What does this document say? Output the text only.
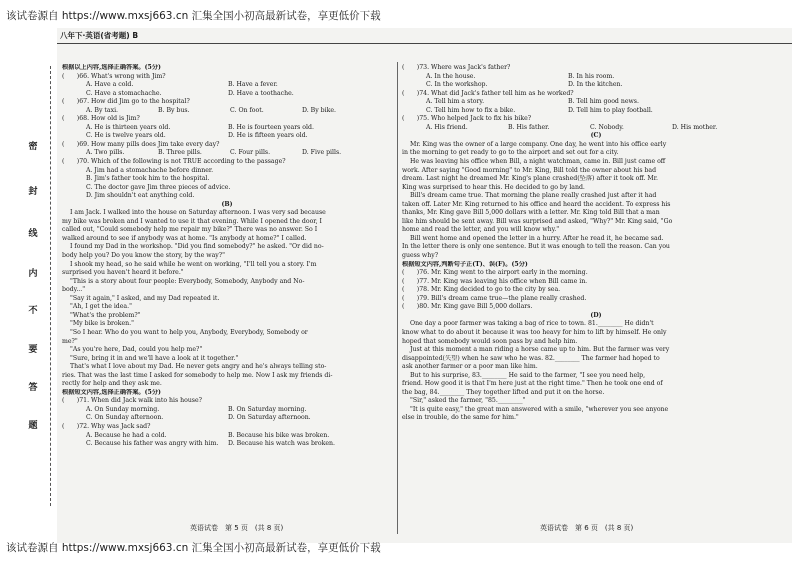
该试卷源自 https://www.mxsj663.cn 汇集全国小初高最新试卷，享更低价下载
八年下·英语(省考题) B
密
封
线
内
不
要
答
题
根据以上内容,选择正确答案。(5分)
(　　)66. What's wrong with Jim?
A. Have a cold.	B. Have a fever.
C. Have a stomachache.	D. Have a toothache.
(　　)67. How did Jim go to the hospital?
A. By taxi.	B. By bus.	C. On foot.	D. By bike.
(　　)68. How old is Jim?
A. He is thirteen years old.	B. He is fourteen years old.
C. He is twelve years old.	D. He is fifteen years old.
(　　)69. How many pills does Jim take every day?
A. Two pills.	B. Three pills.	C. Four pills.	D. Five pills.
(　　)70. Which of the following is not TRUE according to the passage?
A. Jim had a stomachache before dinner.
B. Jim's father took him to the hospital.
C. The doctor gave Jim three pieces of advice.
D. Jim shouldn't eat anything cold.
(B)
I am Jack. I walked into the house on Saturday afternoon. I was very sad because
my bike was broken and I wanted to use it that evening. While I opened the door, I
called out, "Could somebody help me repair my bike?" There was no answer. So I
walked around to see if anybody was at home. "Is anybody at home?" I called.
I found my Dad in the workshop. "Did you find somebody?" he asked. "Or did no-
body help you? Do you know the story, by the way?"
I shook my head, so he said while he went on working, "I'll tell you a story. I'm
surprised you haven't heard it before."
"This is a story about four people: Everybody, Somebody, Anybody and No-
body..."
"Say it again," I asked, and my Dad repeated it.
"Ah, I get the idea."
"What's the problem?"
"My bike is broken."
"So I hear. Who do you want to help you, Anybody, Everybody, Somebody or
me?"
"As you're here, Dad, could you help me?"
"Sure, bring it in and we'll have a look at it together."
That's what I love about my Dad. He never gets angry and he's always telling sto-
ries. That was the last time I asked for somebody to help me. Now I ask my friends di-
rectly for help and they ask me.
根据短文内容,选择正确答案。(5分)
(　　)71. When did Jack walk into his house?
A. On Sunday morning.	B. On Saturday morning.
C. On Sunday afternoon.	D. On Saturday afternoon.
(　　)72. Why was Jack sad?
A. Because he had a cold.	B. Because his bike was broken.
C. Because his father was angry with him.	D. Because his watch was broken.
英语试卷　第 5 页　(共 8 页)
(　　)73. Where was Jack's father?
A. In the house.	B. In his room.
C. In the workshop.	D. In the kitchen.
(　　)74. What did Jack's father tell him as he worked?
A. Tell him a story.	B. Tell him good news.
C. Tell him how to fix a bike.	D. Tell him to play football.
(　　)75. Who helped Jack to fix his bike?
A. His friend.	B. His father.	C. Nobody.	D. His mother.
(C)
Mr. King was the owner of a large company. One day, he went into his office early
in the morning to get ready to go to the airport and set out for a city.
He was leaving his office when Bill, a night watchman, came in. Bill just came off
work. After saying "Good morning" to Mr. King, Bill told the owner about his bad
dream. Last night he dreamed Mr. King's plane crashed(坠落) after it took off. Mr.
King was surprised to hear this. He decided to go by land.
Bill's dream came true. That morning the plane really crashed just after it had
taken off. Later Mr. King returned to his office and heard the accident. To express his
thanks, Mr. King gave Bill 5,000 dollars with a letter. Mr. King told Bill that a man
like him should be sent away. Bill was surprised and asked, "Why?" Mr. King said, "Go
home and read the letter, and you will know why."
Bill went home and opened the letter in a hurry. After he read it, he became sad.
In the letter there is only one sentence. But it was enough to tell the reason. Can you
guess why?
根据短文内容,判断句子正(T)、误(F)。(5分)
(　　)76. Mr. King went to the airport early in the morning.
(　　)77. Mr. King was leaving his office when Bill came in.
(　　)78. Mr. King decided to go to the city by sea.
(　　)79. Bill's dream came true—the plane really crashed.
(　　)80. Mr. King gave Bill 5,000 dollars.
(D)
One day a poor farmer was taking a bag of rice to town. 81.________ He didn't
know what to do about it because it was too heavy for him to lift by himself. He only
hoped that somebody would soon pass by and help him.
Just at this moment a man riding a horse came up to him. But the farmer was very
disappointed(失望) when he saw who he was. 82.________ The farmer had hoped to
ask another farmer or a poor man like him.
But to his surprise, 83.________ He said to the farmer, "I see you need help,
friend. How good it is that I'm here just at the right time." Then he took one end of
the bag, 84.________ They together lifted and put it on the horse.
"Sir," asked the farmer, "85.________"
"It is quite easy," the great man answered with a smile, "wherever you see anyone
else in trouble, do the same for him."
英语试卷　第 6 页　(共 8 页)
该试卷源自 https://www.mxsj663.cn 汇集全国小初高最新试卷，享更低价下载
